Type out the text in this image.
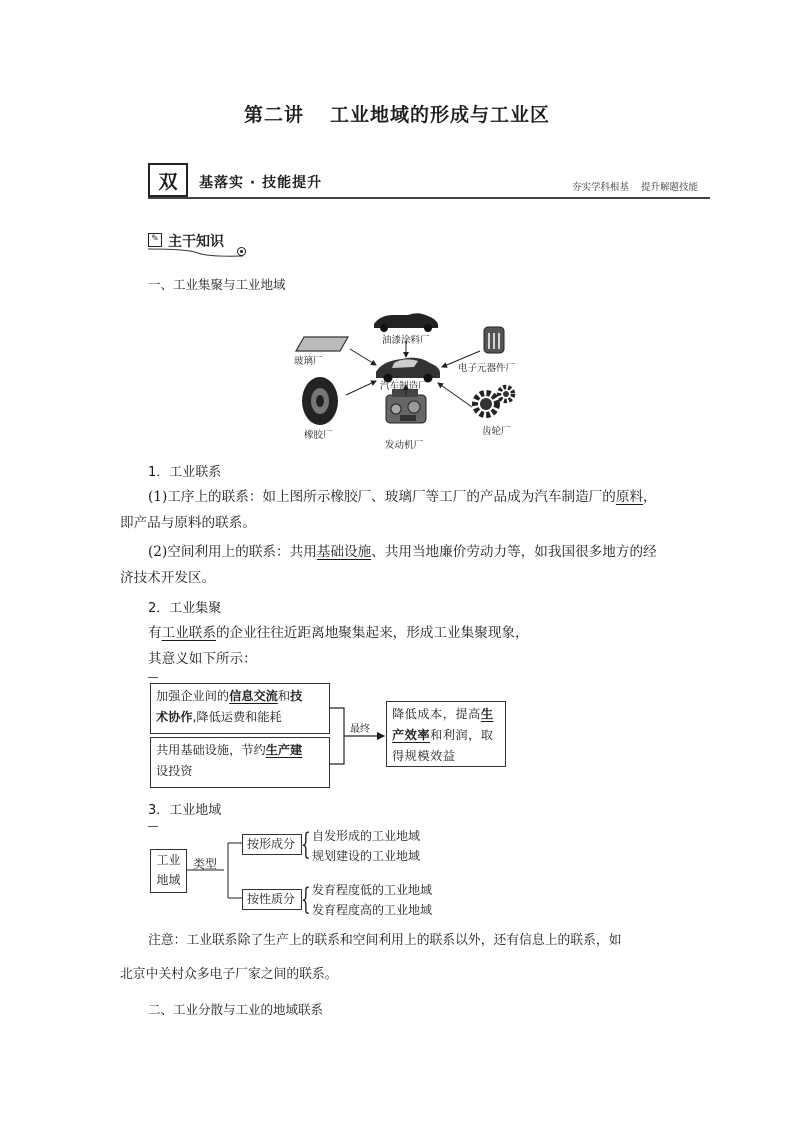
第二讲 工业地域的形成与工业区
双	基落实 · 技能提升	夯实学科根基 提升解题技能
✎ 主干知识
一、工业集聚与工业地域
油漆涂料厂
玻璃厂
电子元器件厂
汽车制造厂
橡胶厂
发动机厂
齿轮厂
1．工业联系
(1)工序上的联系：如上图所示橡胶厂、玻璃厂等工厂的产品成为汽车制造厂的原料，
即产品与原料的联系。
(2)空间利用上的联系：共用基础设施、共用当地廉价劳动力等，如我国很多地方的经
济技术开发区。
2．工业集聚
有工业联系的企业往往近距离地聚集起来，形成工业集聚现象，
其意义如下所示：
加强企业间的信息交流和技
术协作,降低运费和能耗
共用基础设施，节约生产建
设投资
最终
降低成本，提高生
产效率和利润，取
得规模效益
3．工业地域
工业地域
类型
按形成分
按性质分
{
{
自发形成的工业地域
规划建设的工业地域
发育程度低的工业地域
发育程度高的工业地域
注意：工业联系除了生产上的联系和空间利用上的联系以外，还有信息上的联系，如
北京中关村众多电子厂家之间的联系。
二、工业分散与工业的地域联系
